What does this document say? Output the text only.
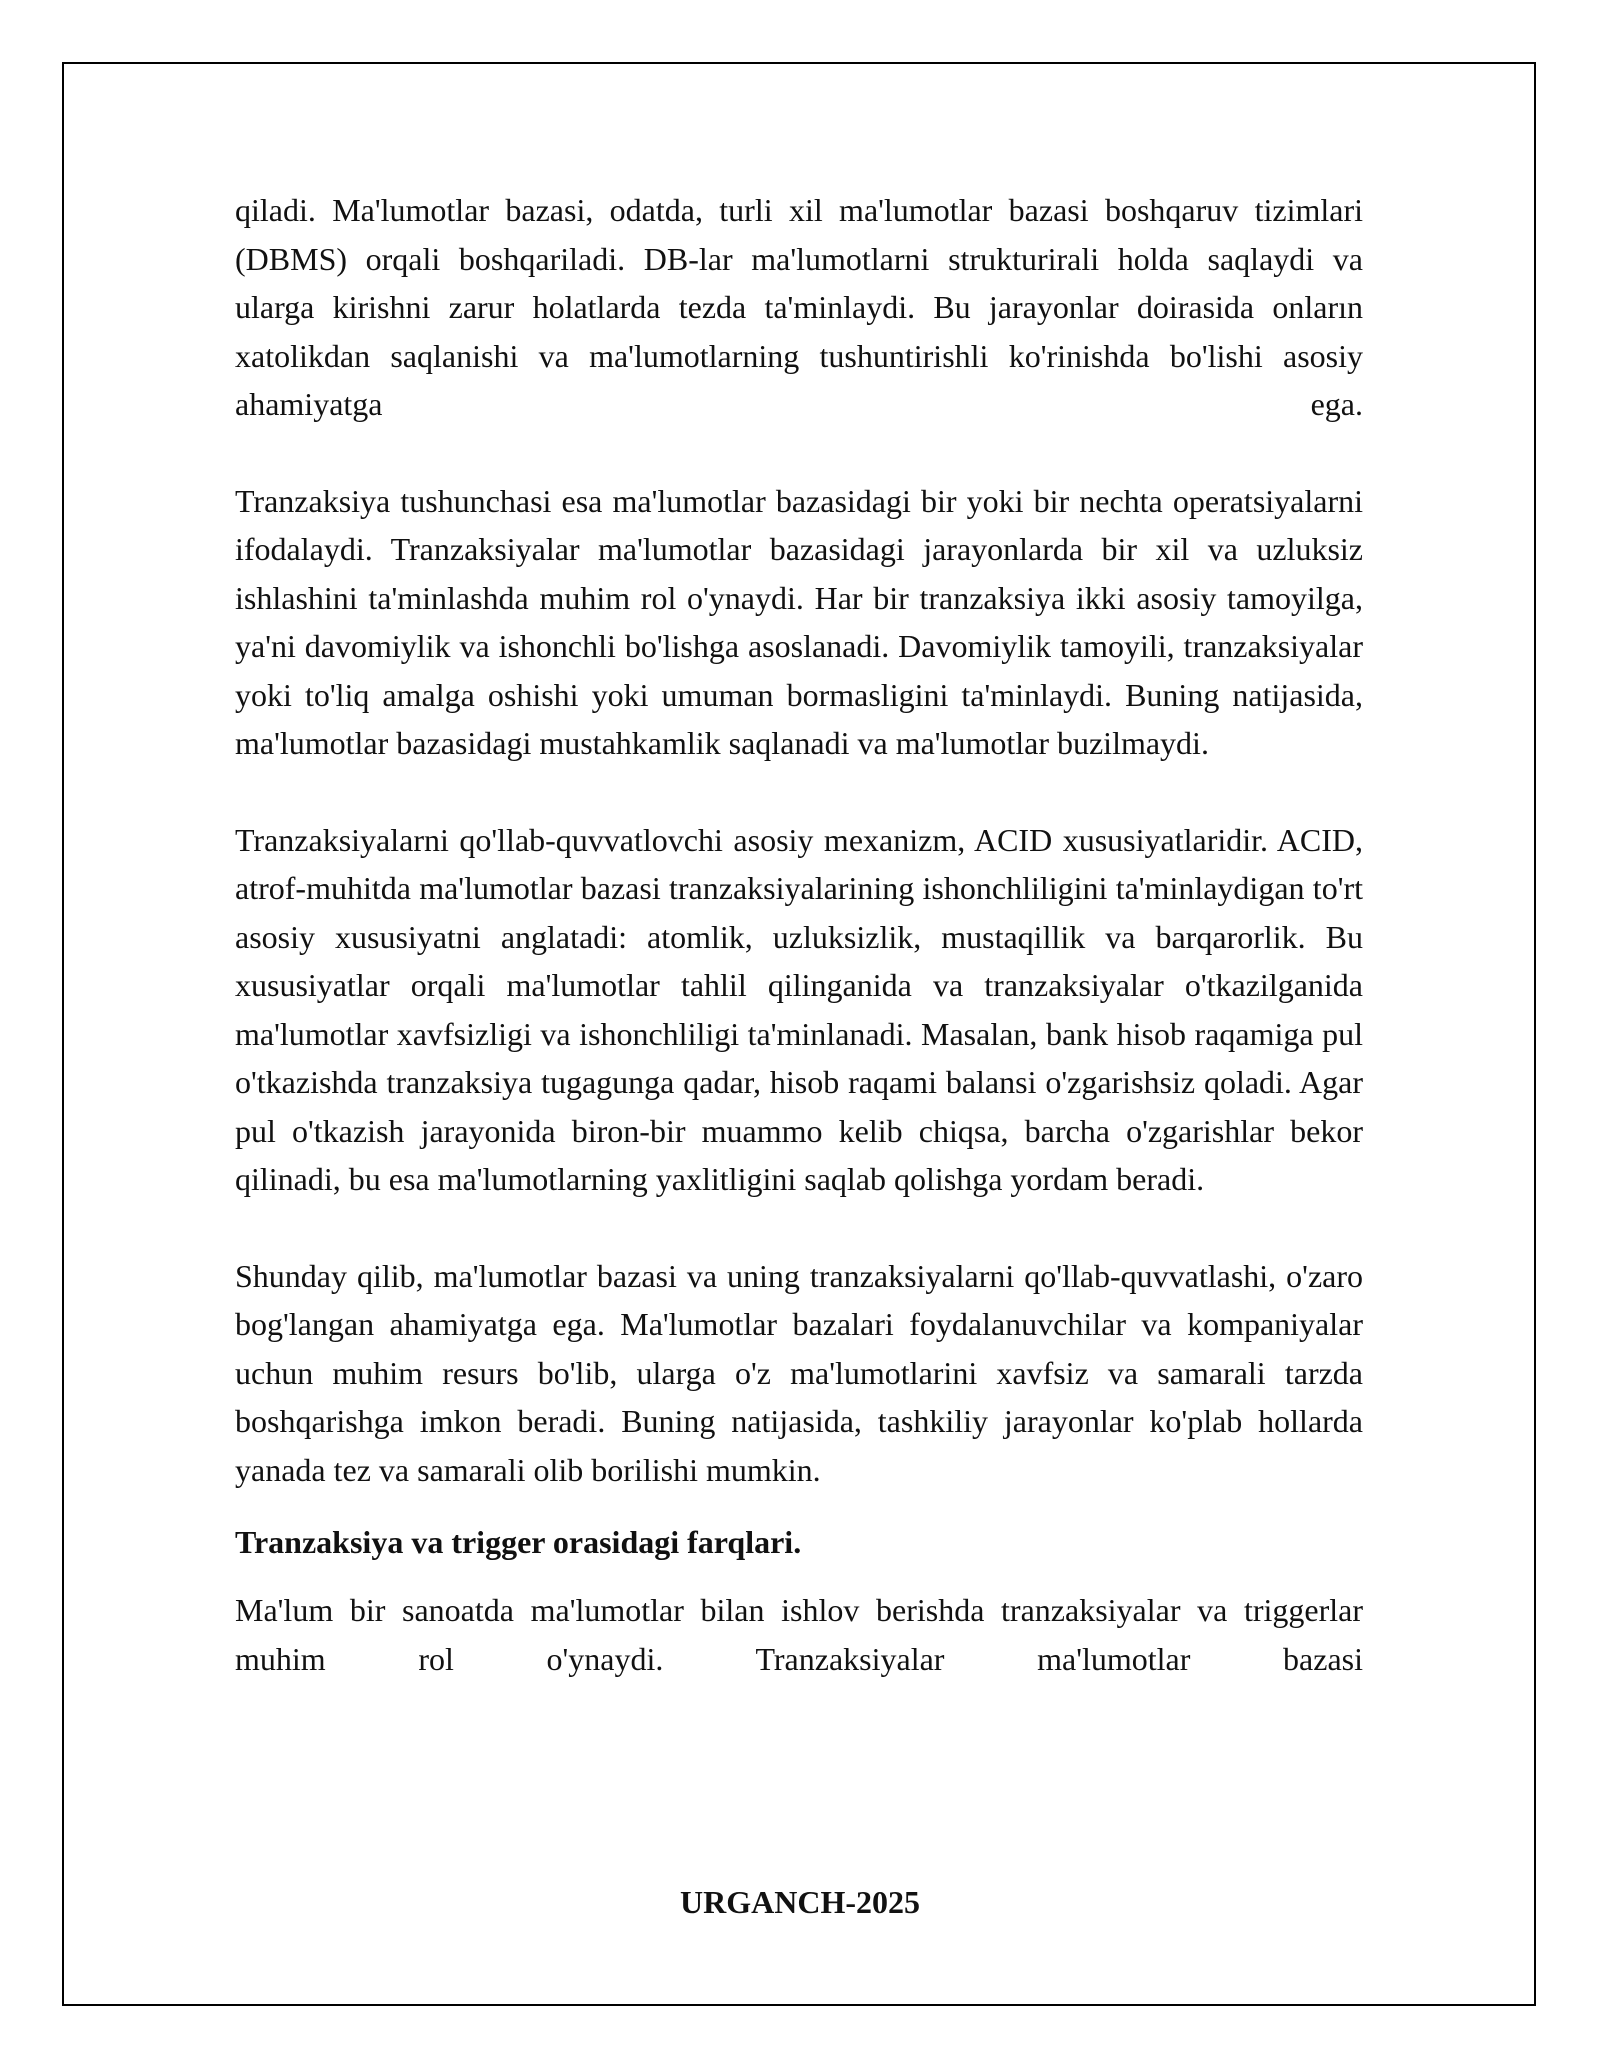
qiladi. Ma'lumotlar bazasi, odatda, turli xil ma'lumotlar bazasi boshqaruv tizimlari (DBMS) orqali boshqariladi. DB-lar ma'lumotlarni strukturirali holda saqlaydi va ularga kirishni zarur holatlarda tezda ta'minlaydi. Bu jarayonlar doirasida onların xatolikdan saqlanishi va ma'lumotlarning tushuntirishli ko'rinishda bo'lishi asosiy ahamiyatga ega.

Tranzaksiya tushunchasi esa ma'lumotlar bazasidagi bir yoki bir nechta operatsiyalarni ifodalaydi. Tranzaksiyalar ma'lumotlar bazasidagi jarayonlarda bir xil va uzluksiz ishlashini ta'minlashda muhim rol o'ynaydi. Har bir tranzaksiya ikki asosiy tamoyilga, ya'ni davomiylik va ishonchli bo'lishga asoslanadi. Davomiylik tamoyili, tranzaksiyalar yoki to'liq amalga oshishi yoki umuman bormasligini ta'minlaydi. Buning natijasida, ma'lumotlar bazasidagi mustahkamlik saqlanadi va ma'lumotlar buzilmaydi.

Tranzaksiyalarni qo'llab-quvvatlovchi asosiy mexanizm, ACID xususiyatlaridir. ACID, atrof-muhitda ma'lumotlar bazasi tranzaksiyalarining ishonchliligini ta'minlaydigan to'rt asosiy xususiyatni anglatadi: atomlik, uzluksizlik, mustaqillik va barqarorlik. Bu xususiyatlar orqali ma'lumotlar tahlil qilinganida va tranzaksiyalar o'tkazilganida ma'lumotlar xavfsizligi va ishonchliligi ta'minlanadi. Masalan, bank hisob raqamiga pul o'tkazishda tranzaksiya tugagunga qadar, hisob raqami balansi o'zgarishsiz qoladi. Agar pul o'tkazish jarayonida biron-bir muammo kelib chiqsa, barcha o'zgarishlar bekor qilinadi, bu esa ma'lumotlarning yaxlitligini saqlab qolishga yordam beradi.

Shunday qilib, ma'lumotlar bazasi va uning tranzaksiyalarni qo'llab-quvvatlashi, o'zaro bog'langan ahamiyatga ega. Ma'lumotlar bazalari foydalanuvchilar va kompaniyalar uchun muhim resurs bo'lib, ularga o'z ma'lumotlarini xavfsiz va samarali tarzda boshqarishga imkon beradi. Buning natijasida, tashkiliy jarayonlar ko'plab hollarda yanada tez va samarali olib borilishi mumkin.

Tranzaksiya va trigger orasidagi farqlari.

Ma'lum bir sanoatda ma'lumotlar bilan ishlov berishda tranzaksiyalar va triggerlar muhim rol o'ynaydi. Tranzaksiyalar ma'lumotlar bazasi

URGANCH-2025
